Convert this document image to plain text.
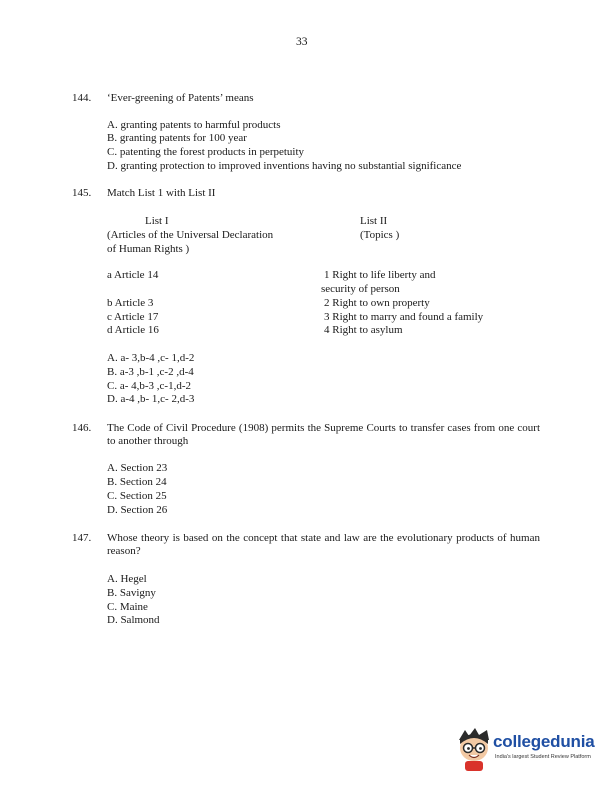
33
144. ‘Ever-greening of Patents’ means
A. granting patents to harmful products
B. granting patents for 100 year
C. patenting the forest products in perpetuity
D. granting protection to improved inventions having no substantial significance
145. Match List 1 with List II
List I
(Articles of the Universal Declaration
of Human Rights )
List II
(Topics )
a Article 14
b Article 3
c Article 17
d Article 16
1 Right to life liberty and
security of person
2 Right to own property
3 Right to marry and found a family
4 Right to asylum
A. a- 3,b-4 ,c- 1,d-2
B. a-3 ,b-1 ,c-2 ,d-4
C. a- 4,b-3 ,c-1,d-2
D. a-4 ,b- 1,c- 2,d-3
146. The Code of Civil Procedure (1908) permits the Supreme Courts to transfer cases from one court to another through
A. Section 23
B. Section 24
C. Section 25
D. Section 26
147. Whose theory is based on the concept that state and law are the evolutionary products of human reason?
A. Hegel
B. Savigny
C. Maine
D. Salmond
collegedunia
India's largest Student Review Platform
